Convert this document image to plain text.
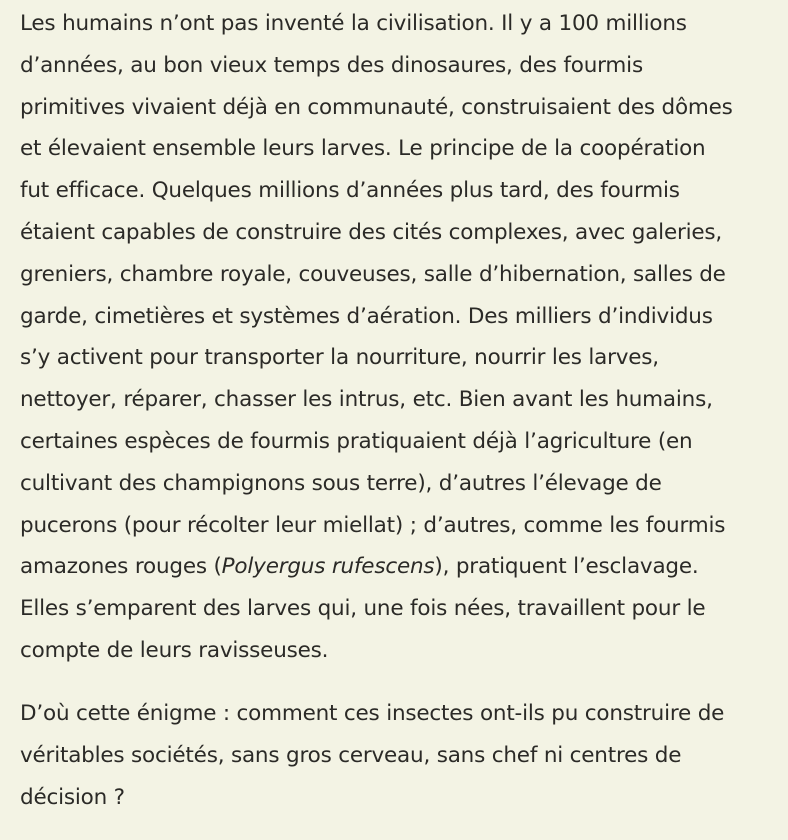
Les humains n’ont pas inventé la civilisation. Il y a 100 millions
d’années, au bon vieux temps des dinosaures, des fourmis
primitives vivaient déjà en communauté, construisaient des dômes
et élevaient ensemble leurs larves. Le principe de la coopération
fut efficace. Quelques millions d’années plus tard, des fourmis
étaient capables de construire des cités complexes, avec galeries,
greniers, chambre royale, couveuses, salle d’hibernation, salles de
garde, cimetières et systèmes d’aération. Des milliers d’individus
s’y activent pour transporter la nourriture, nourrir les larves,
nettoyer, réparer, chasser les intrus, etc. Bien avant les humains,
certaines espèces de fourmis pratiquaient déjà l’agriculture (en
cultivant des champignons sous terre), d’autres l’élevage de
pucerons (pour récolter leur miellat) ; d’autres, comme les fourmis
amazones rouges (Polyergus rufescens), pratiquent l’esclavage.
Elles s’emparent des larves qui, une fois nées, travaillent pour le
compte de leurs ravisseuses.

D’où cette énigme : comment ces insectes ont-ils pu construire de
véritables sociétés, sans gros cerveau, sans chef ni centres de
décision ?
